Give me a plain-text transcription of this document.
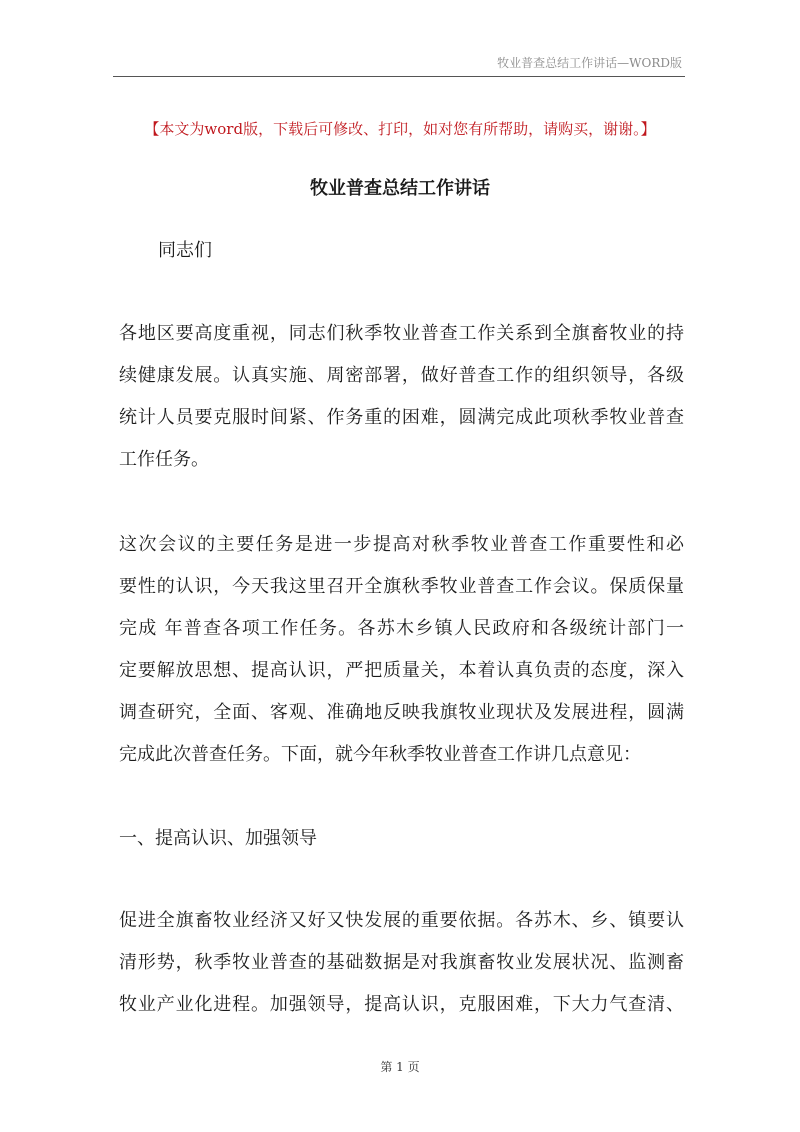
牧业普查总结工作讲话—WORD版
【本文为word版，下载后可修改、打印，如对您有所帮助，请购买，谢谢。】
牧业普查总结工作讲话
同志们

各地区要高度重视，同志们秋季牧业普查工作关系到全旗畜牧业的持
续健康发展。认真实施、周密部署，做好普查工作的组织领导，各级
统计人员要克服时间紧、作务重的困难，圆满完成此项秋季牧业普查
工作任务。

这次会议的主要任务是进一步提高对秋季牧业普查工作重要性和必
要性的认识，今天我这里召开全旗秋季牧业普查工作会议。保质保量
完成 年普查各项工作任务。各苏木乡镇人民政府和各级统计部门一
定要解放思想、提高认识，严把质量关，本着认真负责的态度，深入
调查研究，全面、客观、准确地反映我旗牧业现状及发展进程，圆满
完成此次普查任务。下面，就今年秋季牧业普查工作讲几点意见：

一、提高认识、加强领导

促进全旗畜牧业经济又好又快发展的重要依据。各苏木、乡、镇要认
清形势，秋季牧业普查的基础数据是对我旗畜牧业发展状况、监测畜
牧业产业化进程。加强领导，提高认识，克服困难，下大力气查清、

第 1 页
